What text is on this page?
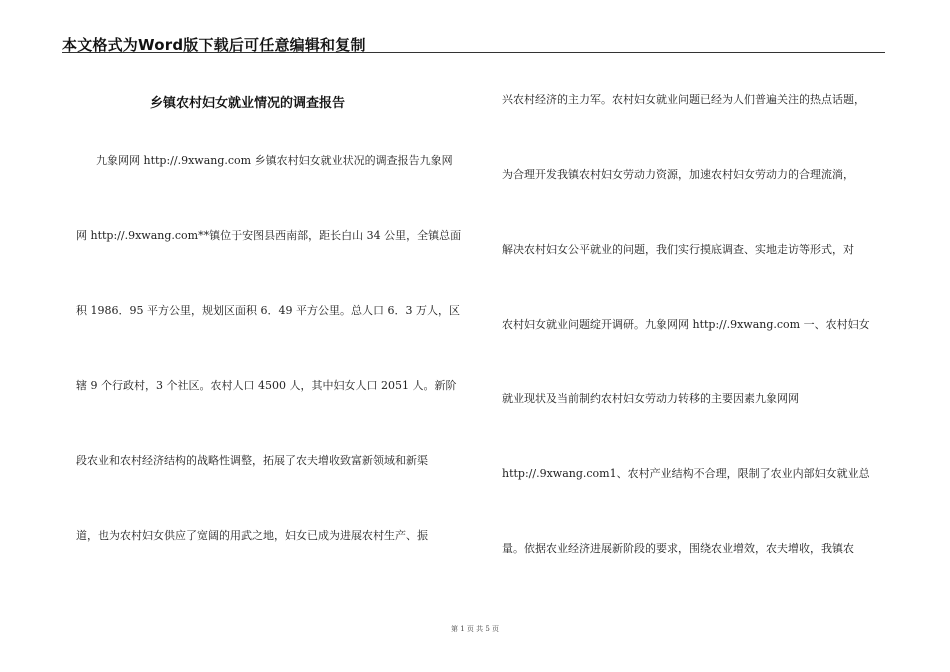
本文格式为Word版下载后可任意编辑和复制
乡镇农村妇女就业情况的调查报告
九象网网 http://.9xwang.com 乡镇农村妇女就业状况的调查报告九象网
网 http://.9xwang.com**镇位于安图县西南部，距长白山 34 公里，全镇总面
积 1986．95 平方公里，规划区面积 6．49 平方公里。总人口 6．3 万人，区
辖 9 个行政村，3 个社区。农村人口 4500 人，其中妇女人口 2051 人。新阶
段农业和农村经济结构的战略性调整，拓展了农夫增收致富新领域和新渠
道，也为农村妇女供应了宽阔的用武之地，妇女已成为进展农村生产、振
兴农村经济的主力军。农村妇女就业问题已经为人们普遍关注的热点话题，
为合理开发我镇农村妇女劳动力资源，加速农村妇女劳动力的合理流淌，
解决农村妇女公平就业的问题，我们实行摸底调查、实地走访等形式，对
农村妇女就业问题绽开调研。九象网网 http://.9xwang.com 一、农村妇女
就业现状及当前制约农村妇女劳动力转移的主要因素九象网网
http://.9xwang.com1、农村产业结构不合理，限制了农业内部妇女就业总
量。依据农业经济进展新阶段的要求，围绕农业增效，农夫增收，我镇农
第 1 页 共 5 页
